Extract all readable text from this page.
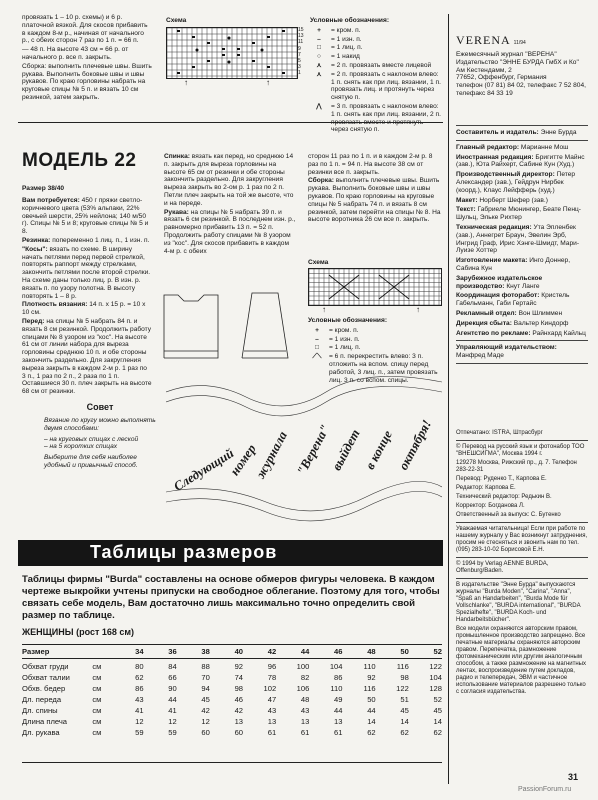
провязать 1 – 10 р. схемы) и 6 р. платочной вязкой. Для скосов прибавить в каждом 8-м р., начиная от начального р., с обеих сторон 7 раз по 1 п. = 66 п.

— 48 п. На высоте 43 см = 66 р. от начального р. все п. закрыть.

Сборка: выполнить плечевые швы. Вшить рукава. Выполнить боковые швы и швы рукавов. По краю горловины набрать на круговые спицы № 5 п. и вязать 10 см резинкой, затем закрыть.

Схема
15
13
11
9
7
5
3
1
↑	↑
Условные обозначения:
+	= кром. п.
–	= 1 изн. п.
□	= 1 лиц. п.
○	= 1 накид
⋏	= 2 п. провязать вместе лицевой
⋏	= 2 п. провязать с наклоном влево: 1 п. снять как при лиц. вязании, 1 п. провязать лиц. и протянуть через снятую п.
⋀	= 3 п. провязать с наклоном влево: 1 п. снять как при лиц. вязании, 2 п. через снятую п.
VERENA 11/94
Ежемесячный журнал "ВЕРЕНА"
Издательство "ЭННЕ БУРДА ГмбХ и Ко"
Ам Кестендамм, 2
77652, Оффенбург, Германия
телефон (07 81) 84 02, телефакс 7 52 804,
телефакс 84 33 19

Составитель и издатель: Энне Бурда

Главный редактор: Марианне Мош

Иностранная редакция: Бригитте Майнс (зав.), Юта Райхерт, Сабине Кун (Худ.)

Производственный директор: Петер Александер (зав.), Гейдрун Нирбек (коорд.), Клаус Лейфферь (худ.)

Макет: Норберт Шефер (зав.)

Текст: Габриеле Мюнингер, Беате Пенц-Шульц, Эльке Рихтер

Техническая редакция: Ута Эпленбек (зав.), Аннегрет Браун, Эвелин Эрб, Ингрид Граф, Ирис Хэнге-Шмидт, Мари-Луизе Хоттер

Изготовление макета: Инго Доннер, Сабина Кун

Зарубежное издательское производство: Кнут Ланге

Координация фоторабот: Кристель Габельманн, Габи Гертайс

Рекламный отдел: Вон Шлиммен

Дирекция сбыта: Вальтер Киндорф

Агентство по рекламе: Райнхард Кайльц

Управляющий издательством: Манфред Маде

Отпечатано: ISTRA, Штрасбург

© Перевод на русский язык и фотонабор ТОО "ВНЕШСИГМА", Москва 1994 г.

129278 Москва, Рижский пр., д. 7. Телефон 283-22-31

Перевод: Руденко Т., Карпова Е.

Редактор: Карпова Е.

Технический редактор: Редькин В.

Корректор: Богданова Л.

Ответственный за выпуск: С. Бутенко

Уважаемая читательница! Если при работе по нашему журналу у Вас возникнут затруднения, просим не стесняться и звонить нам по тел. (095) 283-10-02 Борисовой Е.Н.

© 1994 by Verlag AENNE BURDA, Offenburg/Baden.

В издательстве "Энне Бурда" выпускаются журналы "Burda Moden", "Carina", "Anna", "Spaß an Handarbeiten", "Burda Mode für Vollschlanke", "BURDA international", "BURDA Spezialhefte", "BURDA Koch- und Handarbeitsbücher".

Все модели охраняются авторским правом, промышленное производство запрещено. Все печатные материалы охраняются авторским правом. Перепечатка, размножение фотомеханическим или другим аналогичным способом, а также размножение на магнитных лентах, воспроизведение путем докладов, радио и телепередач, ЭВМ и частичное использование материалов разрешено только с согласия издательства.

МОДЕЛЬ 22
Размер 38/40

Вам потребуется: 450 г пряжи светло-коричневого цвета (53% альпаки, 22% овечьей шерсти, 25% нейлона; 140 м/50 г). Спицы № 5 и 8; круговые спицы № 5 и 8.

Резинка: попеременно 1 лиц. п., 1 изн. п.

"Косы": вязать по схеме. В ширину начать петлями перед первой стрелкой, повторять раппорт между стрелками, закончить петлями после второй стрелки. На схеме даны только лиц. р. В изн. р. вязать п. по узору полотна. В высоту повторять 1 – 8 р.

Плотность вязания: 14 п. x 15 р. = 10 x 10 см.

Перед: на спицы № 5 набрать 84 п. и вязать 8 см резинкой. Продолжить работу спицами № 8 узором из "кос". На высоте 61 см от линии набора для выреза горловины среднюю 10 п. и обе стороны закончить раздельно. Для закругления выреза закрыть в каждом 2-м р. 1 раз по 3 п., 1 раз по 2 п., 2 раза по 1 п. Оставшиеся 30 п. плеч закрыть на высоте 68 см от резинки.

Спинка: вязать как перед, но среднюю 14 п. закрыть для выреза горловины на высоте 65 см от резинки и обе стороны закончить раздельно. Для закругления выреза закрыть во 2-ом р. 1 раз по 2 п. Петли плеч закрыть на той же высоте, что и на переде.

Рукава: на спицы № 5 набрать 39 п. и вязать 6 см резинкой. В последнем изн. р., равномерно прибавить 13 п. = 52 п. Продолжить работу спицами № 8 узором из "кос". Для скосов прибавить в каждом 4-м р. с обеих

сторон 11 раз по 1 п. и в каждом 2-м р. 8 раз по 1 п. = 94 п. На высоте 38 см от резинки все п. закрыть.

Сборка: выполнить плечевые швы. Вшить рукава. Выполнить боковые швы и швы рукавов. По краю горловины на круговые спицы № 5 набрать 74 п. и вязать 8 см резинкой, затем перейти на спицы № 8. На высоте воротника 26 см все п. закрыть.

Схема
↑	↑
Условные обозначения:
+	= кром. п.
–	= 1 изн. п.
□	= 1 лиц. п.
⟋⟍	= 6 п. перекрестить влево: 3 п. отложить на вспом. спицу перед работой, 3 лиц. п., затем провязать лиц. 3 п. со вспом. спицы.
Совет
Вязание по кругу можно выполнять двумя способами:
– на круговых спицах с леской
– на 5 коротких спицах
Выберите для себя наиболее удобный и привычный способ.	Следующий
номер
журнала "Верена"
выйдет в конце октября!
Таблицы размеров
Таблицы фирмы "Burda" составлены на основе обмеров фигуры человека. В каждом чертеже выкройки учтены припуски на свободное облегание. Поэтому для того, чтобы связать себе модель, Вам достаточно лишь максимально точно определить свой размер по таблице.
ЖЕНЩИНЫ (рост 168 см)
Размер		34	36	38	40	42	44	46	48	50	52
Обхват груди	см	80	84	88	92	96	100	104	110	116	122
Обхват талии	см	62	66	70	74	78	82	86	92	98	104
Обхв. бедер	см	86	90	94	98	102	106	110	116	122	128
Дл. переда	см	43	44	45	46	47	48	49	50	51	52
Дл. спины	см	41	41	42	42	43	43	44	44	45	45
Длина плеча	см	12	12	12	13	13	13	13	14	14	14
Дл. рукава	см	59	59	60	60	61	61	61	62	62	62
31
PassionForum.ru
